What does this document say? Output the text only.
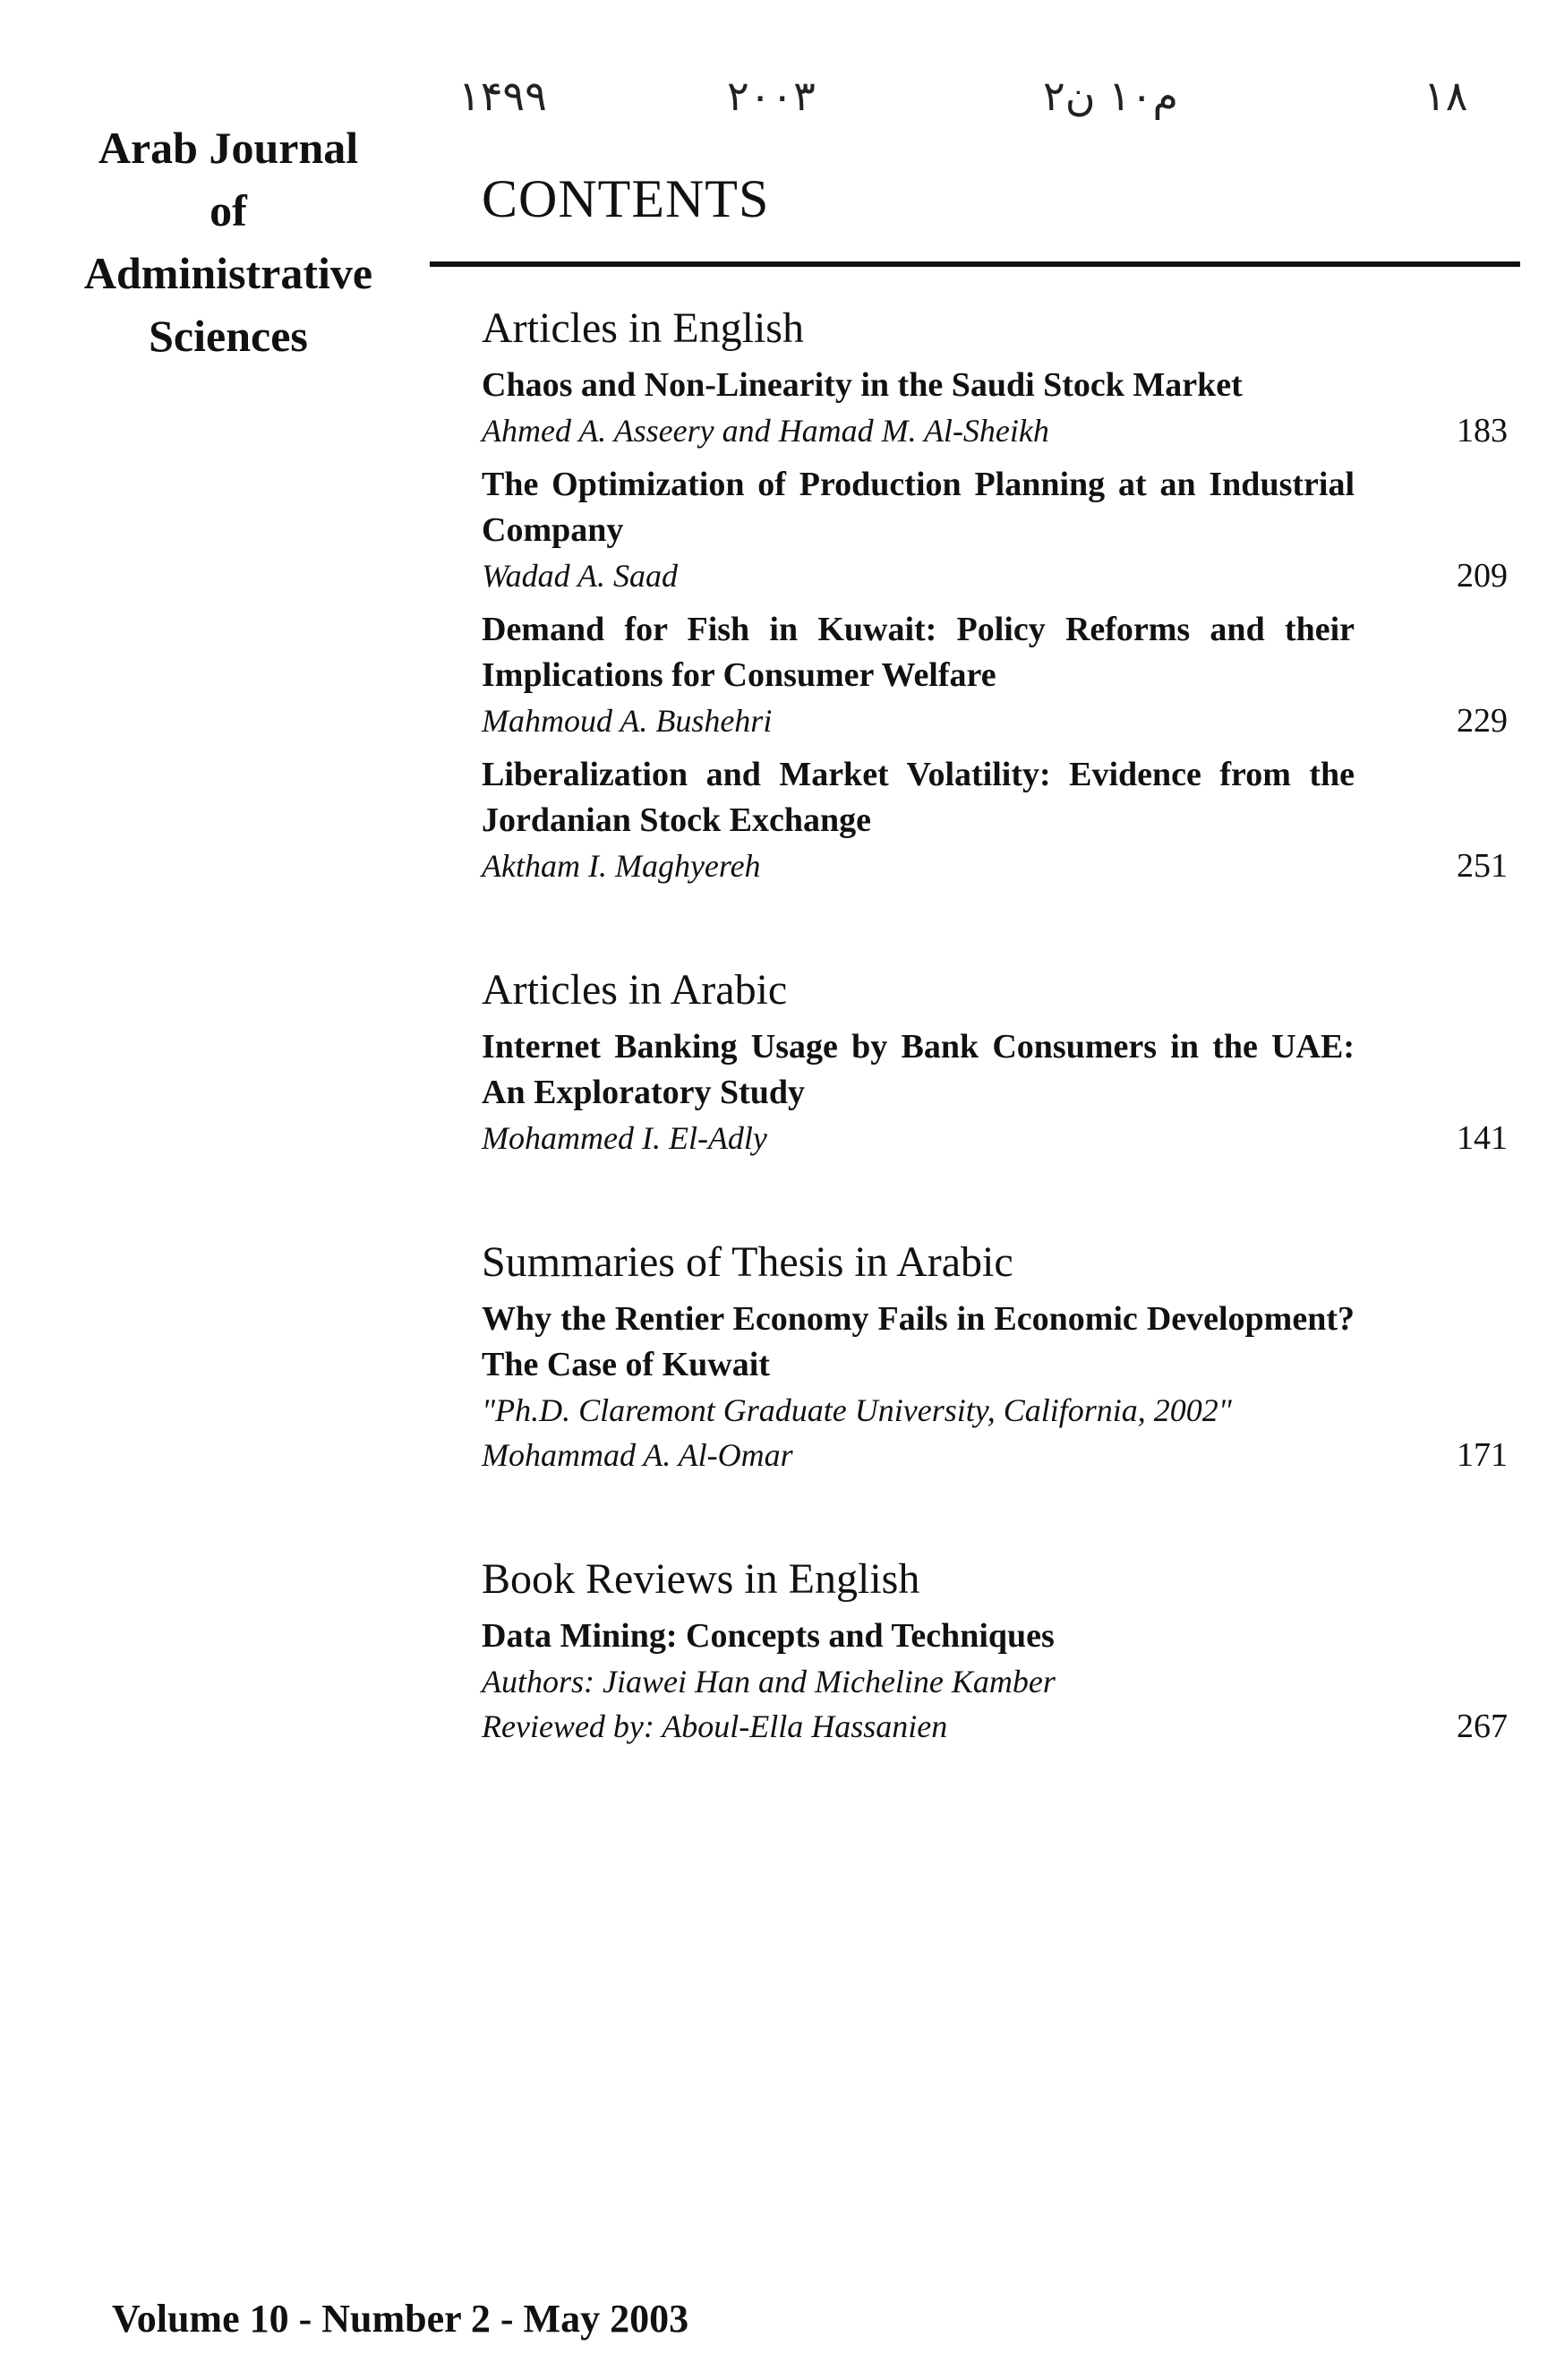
Arab Journal
of
Administrative
Sciences
۱۴۹۹	۲۰۰۳	م۱۰ ن۲	۱۸
CONTENTS
Articles in English

Chaos and Non-Linearity in the Saudi Stock Market

Ahmed A. Asseery and Hamad M. Al-Sheikh	183

The Optimization of Production Planning at an Industrial Company

Wadad A. Saad	209

Demand for Fish in Kuwait: Policy Reforms and their Implications for Consumer Welfare

Mahmoud A. Bushehri	229

Liberalization and Market Volatility: Evidence from the Jordanian Stock Exchange

Aktham I. Maghyereh	251
Articles in Arabic

Internet Banking Usage by Bank Consumers in the UAE: An Exploratory Study

Mohammed I. El-Adly	141
Summaries of Thesis in Arabic

Why the Rentier Economy Fails in Economic Development? The Case of Kuwait

"Ph.D. Claremont Graduate University, California, 2002"

Mohammad A. Al-Omar	171
Book Reviews in English

Data Mining: Concepts and Techniques

Authors: Jiawei Han and Micheline Kamber

Reviewed by: Aboul-Ella Hassanien	267
Volume 10 - Number 2 - May 2003
